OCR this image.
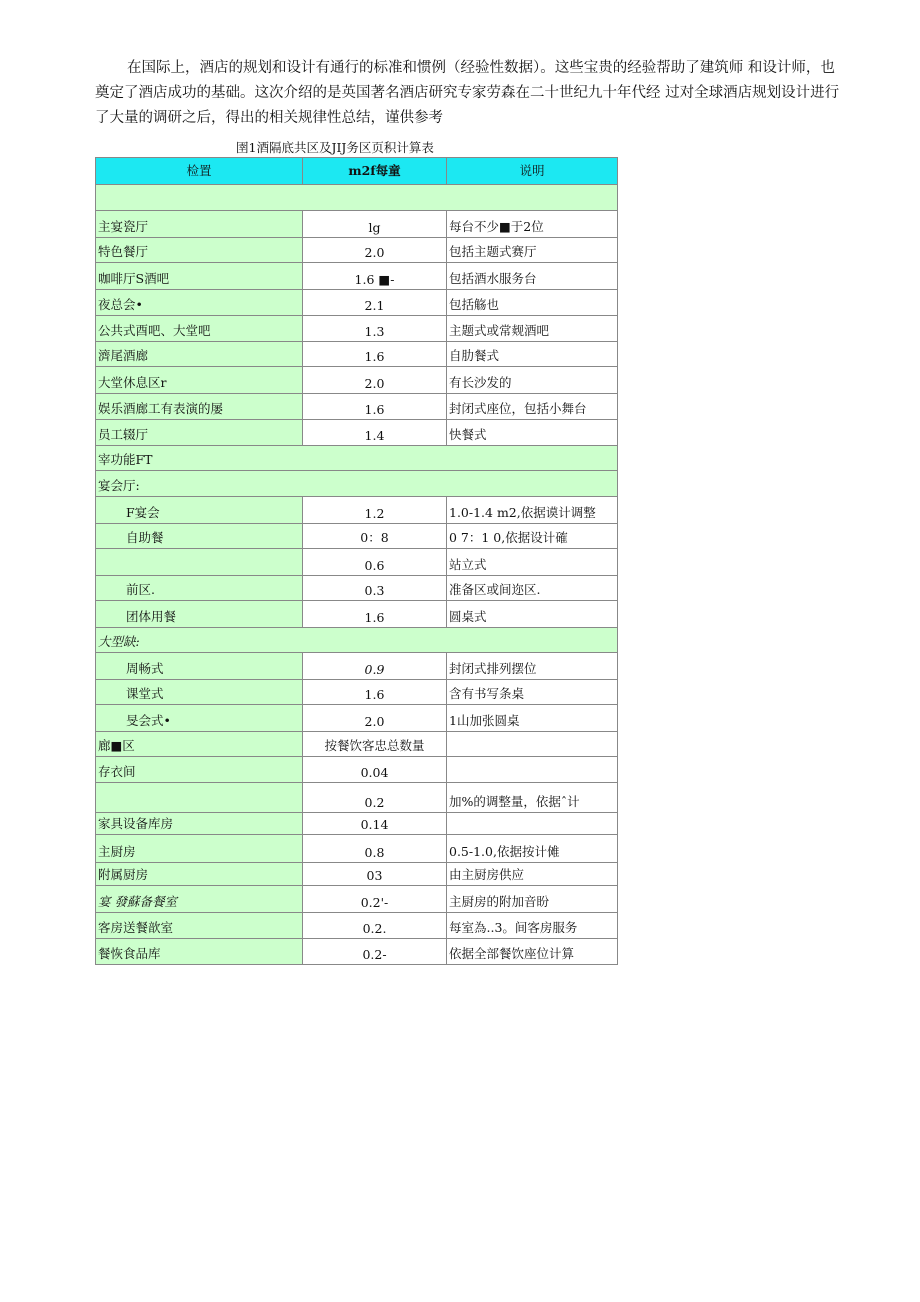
在国际上，酒店的规划和设计有通行的标准和惯例（经验性数据）。这些宝贵的经验帮助了建筑师 和设计师，也奠定了酒店成功的基础。这次介绍的是英国著名酒店研究专家劳森在二十世纪九十年代经 过对全球酒店规划设计进行了大量的调研之后，得出的相关规律性总结，谨供参考

圉1酒隔底共区及JIJ务区页积计算表
检置	m2f每童	说明

主宴瓷厅	lg	每台不少■于2位
特色餐厅	2.0	包括主题式赛厅
咖啡厅S酒吧	1.6 ■-	包括酒水服务台
夜总会•	2.1	包括觞也
公共式酉吧、大堂吧	1.3	主题式或常觌酒吧
濟尾酒廊	1.6	自肋餐式
大堂休息区r	2.0	有长沙发的
娱乐酒廊工有表演的屡	1.6	封闭式座位，包括小舞台
员工辍厅	1.4	快餐式
宰功能FT		
宴会厅:		
F宴会	1.2	1.0-1.4 m2,依据谟计调整
自助餐	0：8	0 7：1 0,依据设计確
	0.6	站立式
前区.	0.3	准备区或间迩区.
团体用餐	1.6	圆桌式
大型缺:		
周畅式	0.9	封闭式排列摆位
课堂式	1.6	含有书写条桌
旻会式•	2.0	1山加张圆桌
廊■区	按餐饮客忠总数量	
存衣间	0.04	
	0.2	加%的调整量，依据ˆ计
家具设备库房	0.14	
主厨房	0.8	0.5-1.0,依据按计傩
附属厨房	03	由主厨房供应
宴 發蘇备餐室	0.2'-	主厨房的附加音盼
客房送餐歆室	0.2.	每室為..3。间客房服务
餐恢食品库	0.2-	依据全部餐饮座位计算
